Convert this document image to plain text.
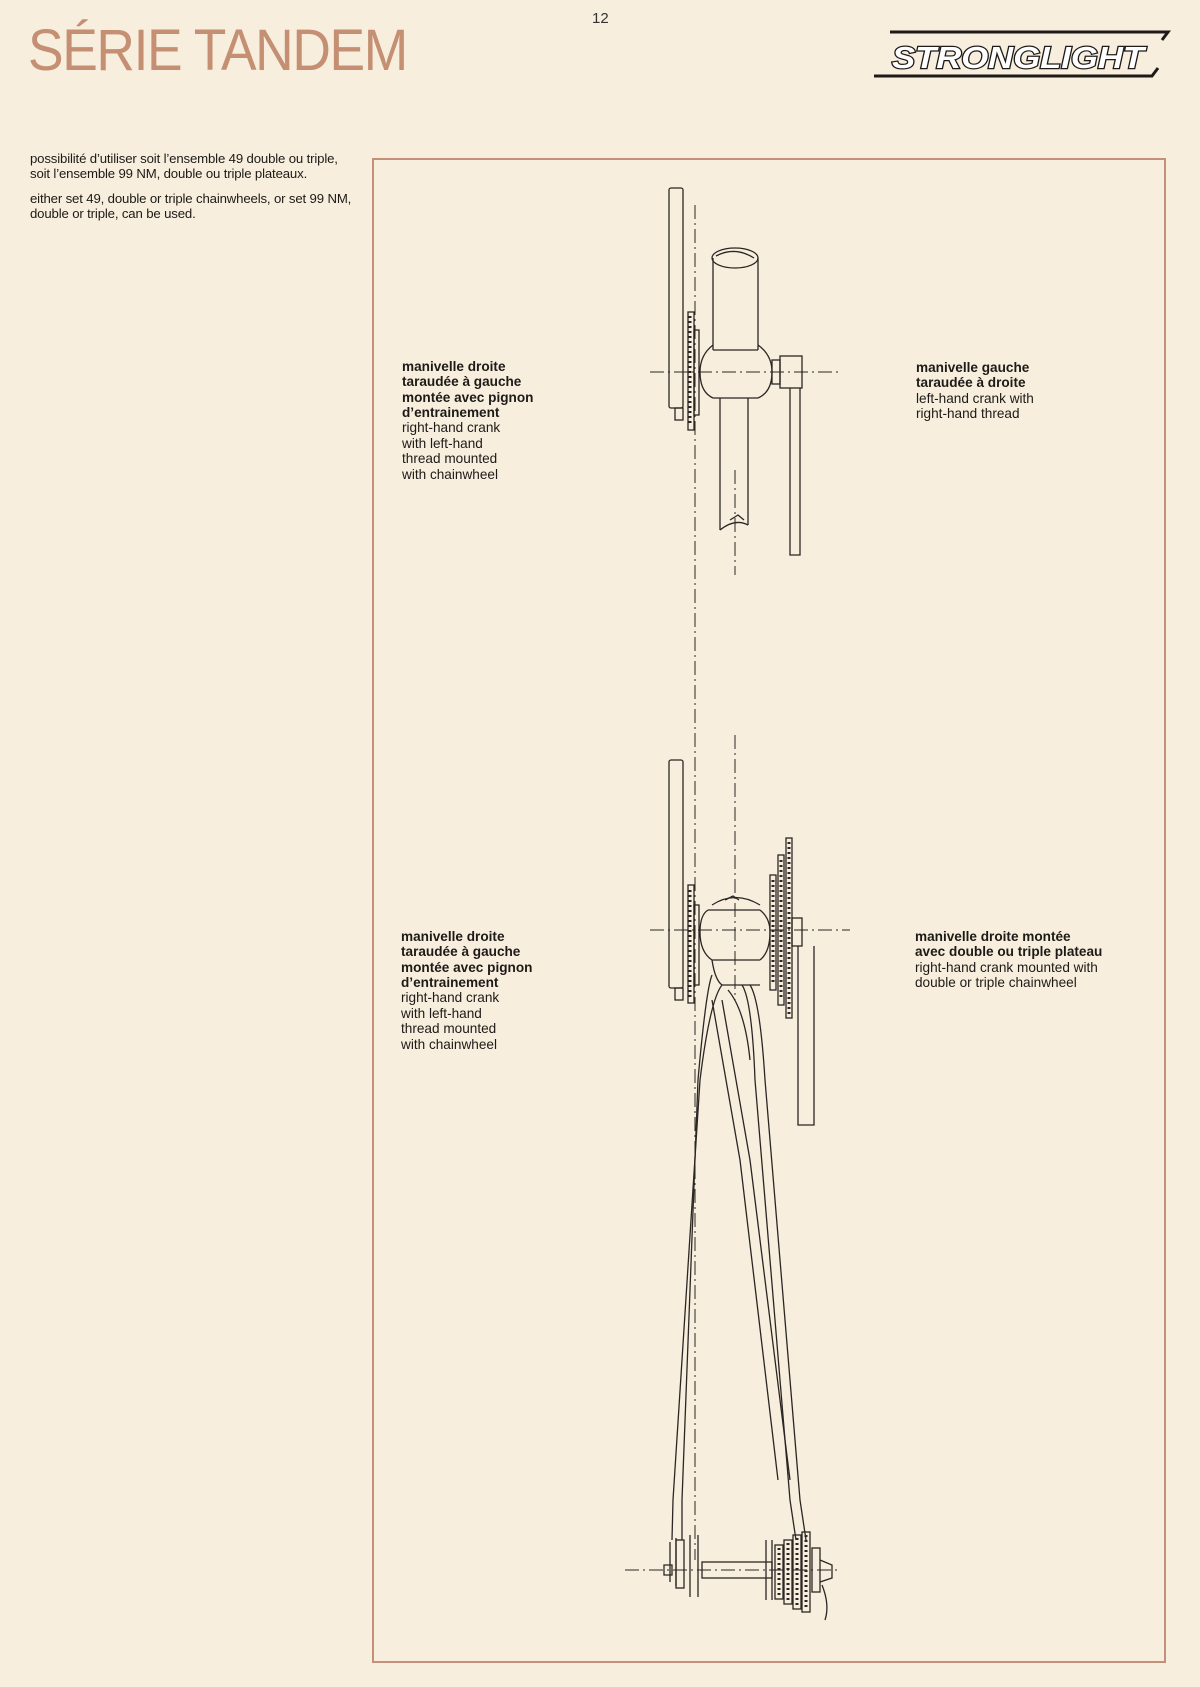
12
SÉRIE TANDEM	STRONGLIGHT

possibilité d’utiliser soit l’ensemble 49 double ou triple, soit l’ensemble 99 NM, double ou triple plateaux.

either set 49, double or triple chainwheels, or set 99 NM, double or triple, can be used.

manivelle droite
taraudée à gauche
montée avec pignon
d’entrainement
right-hand crank
with left-hand
thread mounted
with chainwheel
manivelle gauche
taraudée à droite
left-hand crank with
right-hand thread
manivelle droite
taraudée à gauche
montée avec pignon
d’entrainement
right-hand crank
with left-hand
thread mounted
with chainwheel
manivelle droite montée
avec double ou triple plateau
right-hand crank mounted with
double or triple chainwheel
